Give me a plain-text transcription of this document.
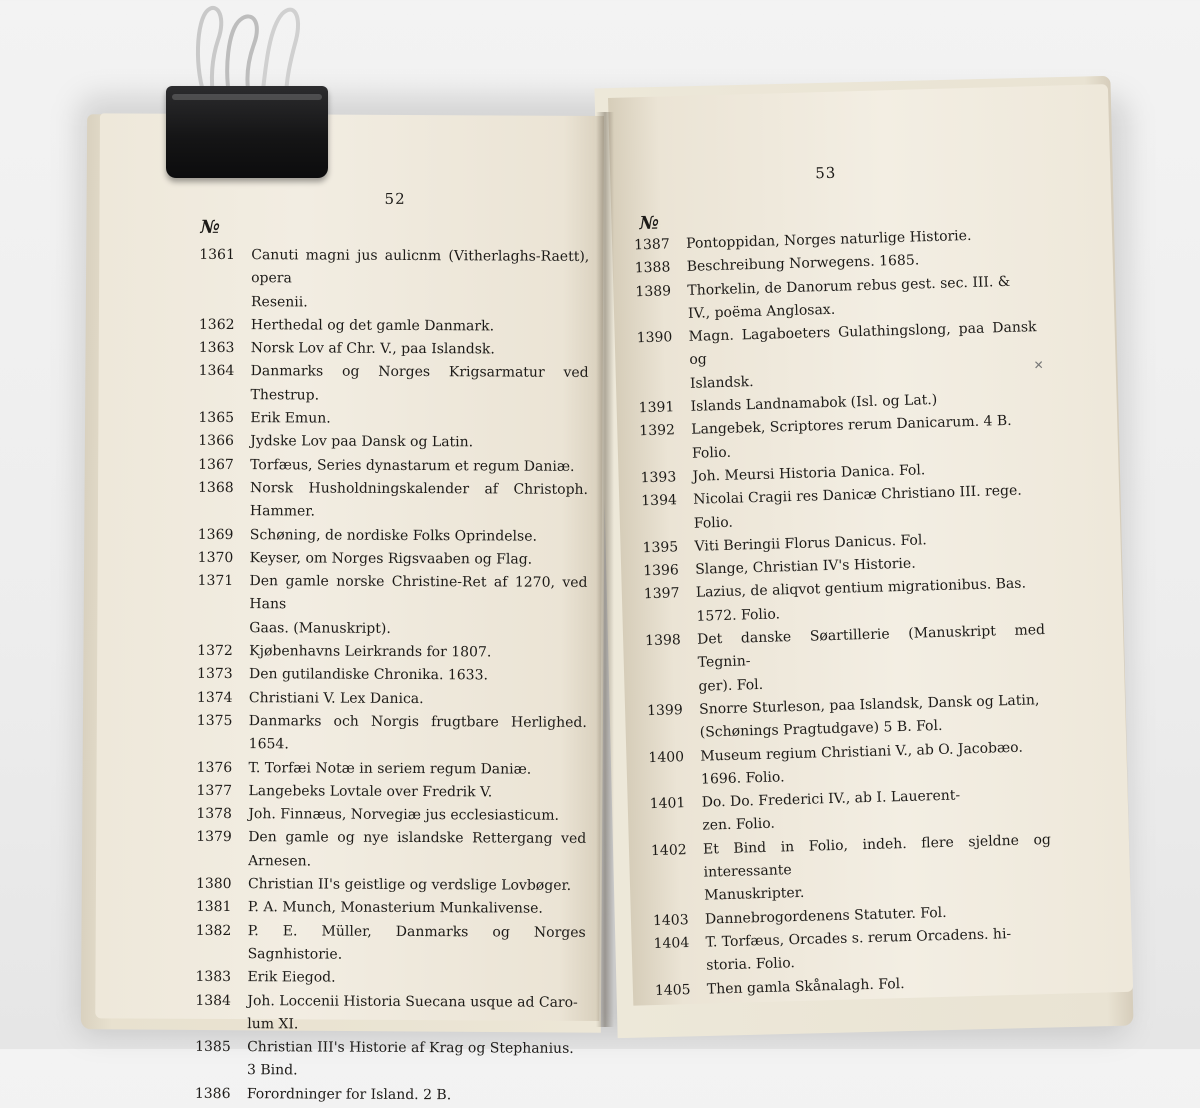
52
№
1361	Canuti magni jus aulicnm (Vitherlaghs-Raett), opera
Resenii.
1362	Herthedal og det gamle Danmark.
1363	Norsk Lov af Chr. V., paa Islandsk.
1364	Danmarks og Norges Krigsarmatur ved Thestrup.
1365	Erik Emun.
1366	Jydske Lov paa Dansk og Latin.
1367	Torfæus, Series dynastarum et regum Daniæ.
1368	Norsk Husholdningskalender af Christoph. Hammer.
1369	Schøning, de nordiske Folks Oprindelse.
1370	Keyser, om Norges Rigsvaaben og Flag.
1371	Den gamle norske Christine-Ret af 1270, ved Hans
Gaas. (Manuskript).
1372	Kjøbenhavns Leirkrands for 1807.
1373	Den gutilandiske Chronika. 1633.
1374	Christiani V. Lex Danica.
1375	Danmarks och Norgis frugtbare Herlighed. 1654.
1376	T. Torfæi Notæ in seriem regum Daniæ.
1377	Langebeks Lovtale over Fredrik V.
1378	Joh. Finnæus, Norvegiæ jus ecclesiasticum.
1379	Den gamle og nye islandske Rettergang ved Arnesen.
1380	Christian II's geistlige og verdslige Lovbøger.
1381	P. A. Munch, Monasterium Munkalivense.
1382	P. E. Müller, Danmarks og Norges Sagnhistorie.
1383	Erik Eiegod.
1384	Joh. Loccenii Historia Suecana usque ad Caro-
lum XI.
1385	Christian III's Historie af Krag og Stephanius.
3 Bind.
1386	Forordninger for Island. 2 B.
53
№
1387	Pontoppidan, Norges naturlige Historie.
1388	Beschreibung Norwegens. 1685.
1389	Thorkelin, de Danorum rebus gest. sec. III. &
IV., poëma Anglosax.
1390	Magn. Lagaboeters Gulathingslong, paa Dansk og
Islandsk.
1391	Islands Landnamabok (Isl. og Lat.)
1392	Langebek, Scriptores rerum Danicarum. 4 B.
Folio.
1393	Joh. Meursi Historia Danica. Fol.
1394	Nicolai Cragii res Danicæ Christiano III. rege.
Folio.
1395	Viti Beringii Florus Danicus. Fol.
1396	Slange, Christian IV's Historie.
1397	Lazius, de aliqvot gentium migrationibus. Bas.
1572. Folio.
1398	Det danske Søartillerie (Manuskript med Tegnin-
ger). Fol.
1399	Snorre Sturleson, paa Islandsk, Dansk og Latin,
(Schønings Pragtudgave) 5 B. Fol.
1400	Museum regium Christiani V., ab O. Jacobæo.
1696. Folio.
1401	Do. Do. Frederici IV., ab I. Lauerent-
zen. Folio.
1402	Et Bind in Folio, indeh. flere sjeldne og interessante
Manuskripter.
1403	Dannebrogordenens Statuter. Fol.
1404	T. Torfæus, Orcades s. rerum Orcadens. hi-
storia. Folio.
1405	Then gamla Skånalagh. Fol.
✕
